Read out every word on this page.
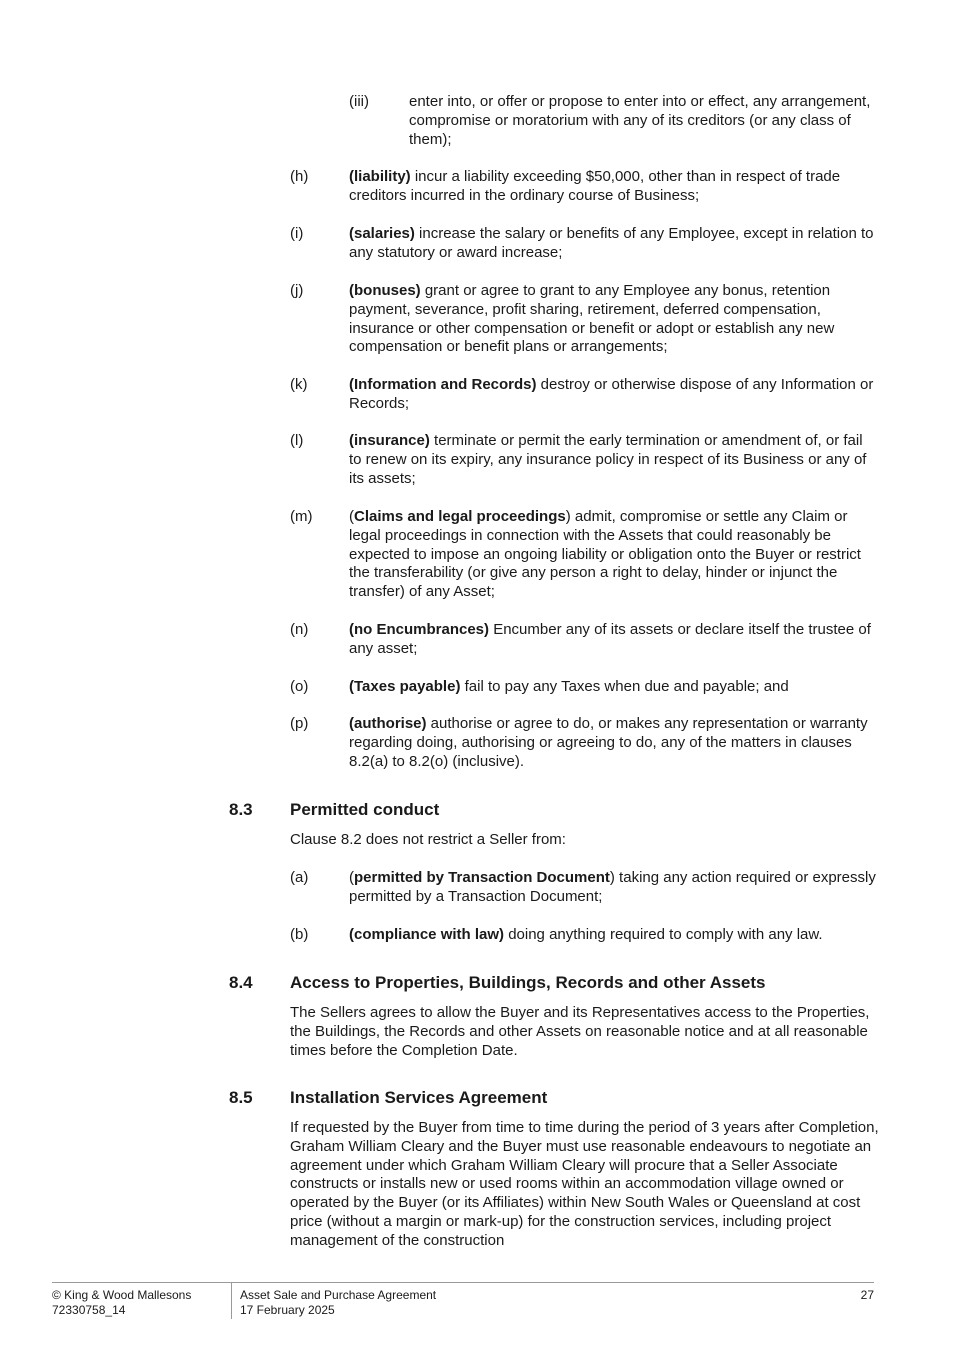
(iii)	enter into, or offer or propose to enter into or effect, any arrangement, compromise or moratorium with any of its creditors (or any class of them);
(h)	(liability) incur a liability exceeding $50,000, other than in respect of trade creditors incurred in the ordinary course of Business;
(i)	(salaries) increase the salary or benefits of any Employee, except in relation to any statutory or award increase;
(j)	(bonuses) grant or agree to grant to any Employee any bonus, retention payment, severance, profit sharing, retirement, deferred compensation, insurance or other compensation or benefit or adopt or establish any new compensation or benefit plans or arrangements;
(k)	(Information and Records) destroy or otherwise dispose of any Information or Records;
(l)	(insurance) terminate or permit the early termination or amendment of, or fail to renew on its expiry, any insurance policy in respect of its Business or any of its assets;
(m) (Claims and legal proceedings) admit, compromise or settle any Claim or legal proceedings in connection with the Assets that could reasonably be expected to impose an ongoing liability or obligation onto the Buyer or restrict the transferability (or give any person a right to delay, hinder or injunct the transfer) of any Asset;
(n)	(no Encumbrances) Encumber any of its assets or declare itself the trustee of any asset;
(o)	(Taxes payable) fail to pay any Taxes when due and payable; and
(p)	(authorise) authorise or agree to do, or makes any representation or warranty regarding doing, authorising or agreeing to do, any of the matters in clauses 8.2(a) to 8.2(o) (inclusive).
8.3 Permitted conduct
Clause 8.2 does not restrict a Seller from:
(a)	(permitted by Transaction Document) taking any action required or expressly permitted by a Transaction Document;
(b)	(compliance with law) doing anything required to comply with any law.
8.4 Access to Properties, Buildings, Records and other Assets
The Sellers agrees to allow the Buyer and its Representatives access to the Properties, the Buildings, the Records and other Assets on reasonable notice and at all reasonable times before the Completion Date.
8.5 Installation Services Agreement
If requested by the Buyer from time to time during the period of 3 years after Completion, Graham William Cleary and the Buyer must use reasonable endeavours to negotiate an agreement under which Graham William Cleary will procure that a Seller Associate constructs or installs new or used rooms within an accommodation village owned or operated by the Buyer (or its Affiliates) within New South Wales or Queensland at cost price (without a margin or mark-up) for the construction services, including project management of the construction
© King & Wood Mallesons
72330758_14
Asset Sale and Purchase Agreement
17 February 2025
27
